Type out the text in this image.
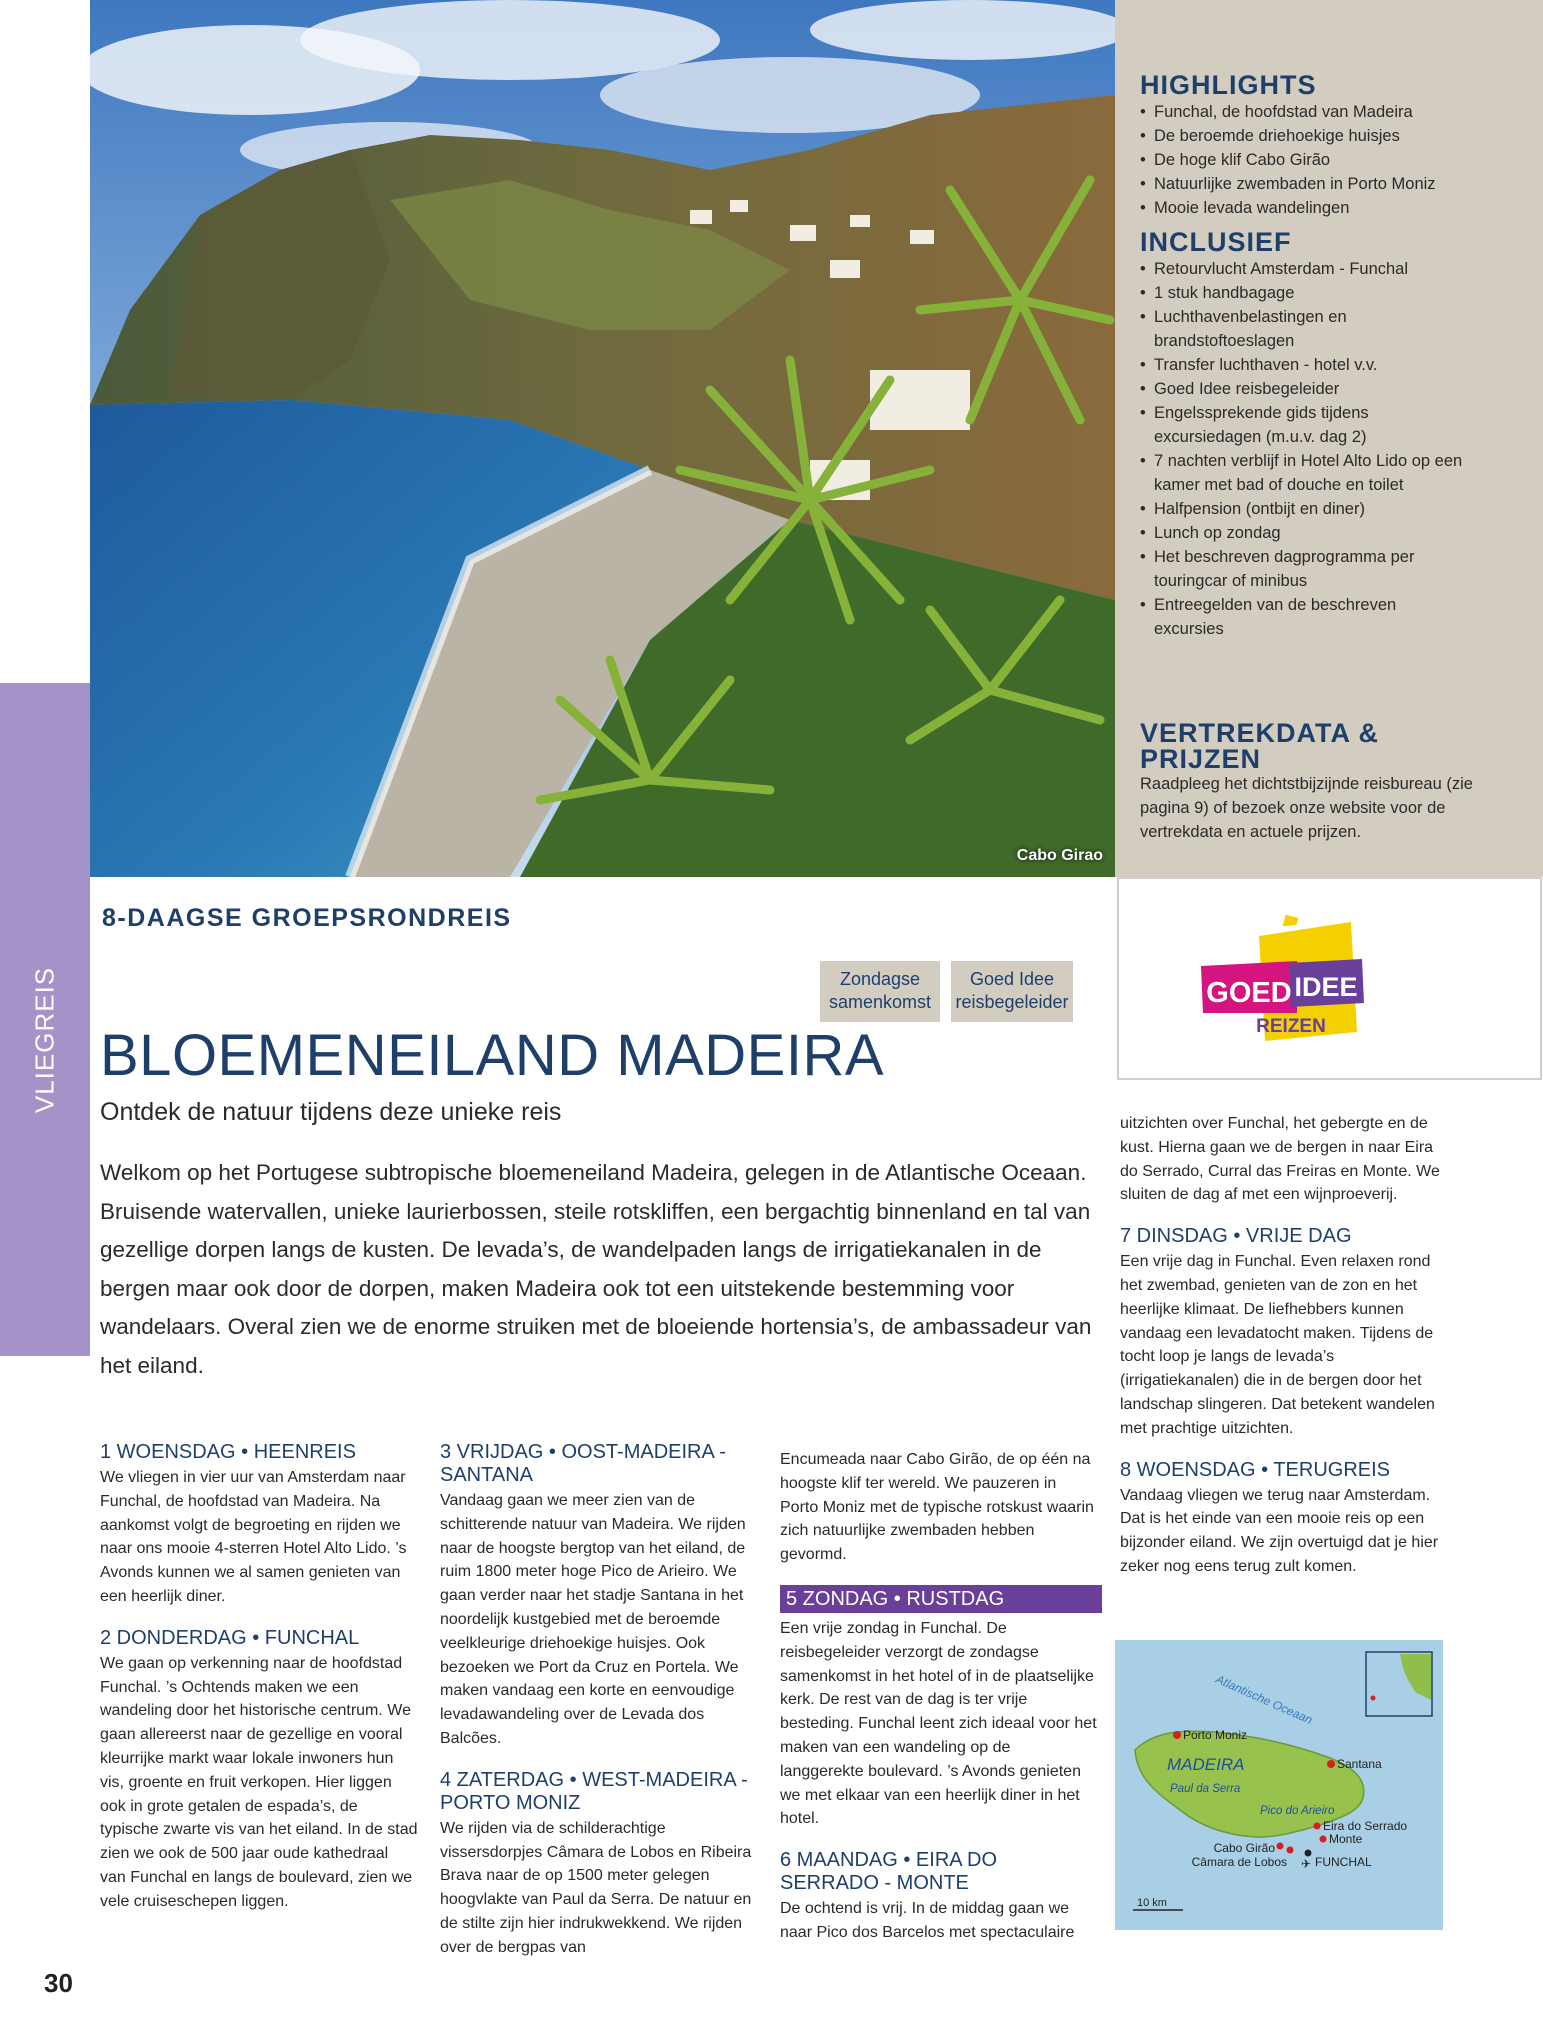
Cabo Girao
VLIEGREIS
HIGHLIGHTS
• Funchal, de hoofdstad van Madeira
• De beroemde driehoekige huisjes
• De hoge klif Cabo Girão
• Natuurlijke zwembaden in Porto Moniz
• Mooie levada wandelingen
INCLUSIEF
• Retourvlucht Amsterdam - Funchal
• 1 stuk handbagage
• Luchthavenbelastingen en brandstoftoeslagen
• Transfer luchthaven - hotel v.v.
• Goed Idee reisbegeleider
• Engelssprekende gids tijdens excursiedagen (m.u.v. dag 2)
• 7 nachten verblijf in Hotel Alto Lido op een kamer met bad of douche en toilet
• Halfpension (ontbijt en diner)
• Lunch op zondag
• Het beschreven dagprogramma per touringcar of minibus
• Entreegelden van de beschreven excursies
VERTREKDATA & PRIJZEN
Raadpleeg het dichtstbijzijnde reisbureau (zie pagina 9) of bezoek onze website voor de vertrekdata en actuele prijzen.
GOED IDEE
REIZEN
8-DAAGSE GROEPSRONDREIS
Zondagse samenkomst
Goed Idee reisbegeleider
BLOEMENEILAND MADEIRA
Ontdek de natuur tijdens deze unieke reis

Welkom op het Portugese subtropische bloemeneiland Madeira, gelegen in de Atlantische Oceaan. Bruisende watervallen, unieke laurierbossen, steile rotskliffen, een bergachtig binnenland en tal van gezellige dorpen langs de kusten. De levada’s, de wandelpaden langs de irrigatiekanalen in de bergen maar ook door de dorpen, maken Madeira ook tot een uitstekende bestemming voor wandelaars. Overal zien we de enorme struiken met de bloeiende hortensia’s, de ambassadeur van het eiland.

1 WOENSDAG • HEENREIS
We vliegen in vier uur van Amsterdam naar Funchal, de hoofdstad van Madeira. Na aankomst volgt de begroeting en rijden we naar ons mooie 4-sterren Hotel Alto Lido. ’s Avonds kunnen we al samen genieten van een heerlijk diner.
2 DONDERDAG • FUNCHAL
We gaan op verkenning naar de hoofdstad Funchal. ’s Ochtends maken we een wandeling door het historische centrum. We gaan allereerst naar de gezellige en vooral kleurrijke markt waar lokale inwoners hun vis, groente en fruit verkopen. Hier liggen ook in grote getalen de espada’s, de typische zwarte vis van het eiland. In de stad zien we ook de 500 jaar oude kathedraal van Funchal en langs de boulevard, zien we vele cruiseschepen liggen.
3 VRIJDAG • OOST-MADEIRA - SANTANA
Vandaag gaan we meer zien van de schitterende natuur van Madeira. We rijden naar de hoogste bergtop van het eiland, de ruim 1800 meter hoge Pico de Arieiro. We gaan verder naar het stadje Santana in het noordelijk kustgebied met de beroemde veelkleurige driehoekige huisjes. Ook bezoeken we Port da Cruz en Portela. We maken vandaag een korte en eenvoudige levadawandeling over de Levada dos Balcões.
4 ZATERDAG • WEST-MADEIRA - PORTO MONIZ
We rijden via de schilderachtige vissersdorpjes Câmara de Lobos en Ribeira Brava naar de op 1500 meter gelegen hoogvlakte van Paul da Serra. De natuur en de stilte zijn hier indrukwekkend. We rijden over de bergpas van
Encumeada naar Cabo Girão, de op één na hoogste klif ter wereld. We pauzeren in Porto Moniz met de typische rotskust waarin zich natuurlijke zwembaden hebben gevormd.
5 ZONDAG • RUSTDAG
Een vrije zondag in Funchal. De reisbegeleider verzorgt de zondagse samenkomst in het hotel of in de plaatselijke kerk. De rest van de dag is ter vrije besteding. Funchal leent zich ideaal voor het maken van een wandeling op de langgerekte boulevard. ’s Avonds genieten we met elkaar van een heerlijk diner in het hotel.
6 MAANDAG • EIRA DO SERRADO - MONTE
De ochtend is vrij. In de middag gaan we naar Pico dos Barcelos met spectaculaire
uitzichten over Funchal, het gebergte en de kust. Hierna gaan we de bergen in naar Eira do Serrado, Curral das Freiras en Monte. We sluiten de dag af met een wijnproeverij.
7 DINSDAG • VRIJE DAG
Een vrije dag in Funchal. Even relaxen rond het zwembad, genieten van de zon en het heerlijke klimaat. De liefhebbers kunnen vandaag een levadatocht maken. Tijdens de tocht loop je langs de levada’s (irrigatiekanalen) die in de bergen door het landschap slingeren. Dat betekent wandelen met prachtige uitzichten.
8 WOENSDAG • TERUGREIS
Vandaag vliegen we terug naar Amsterdam. Dat is het einde van een mooie reis op een bijzonder eiland. We zijn overtuigd dat je hier zeker nog eens terug zult komen.
Atlantische Oceaan
MADEIRA
Paul da Serra
Pico do Arieiro
Porto Moniz
Santana
Eira do Serrado
Monte
Cabo Girão
Câmara de Lobos ✈ FUNCHAL
10 km
30
